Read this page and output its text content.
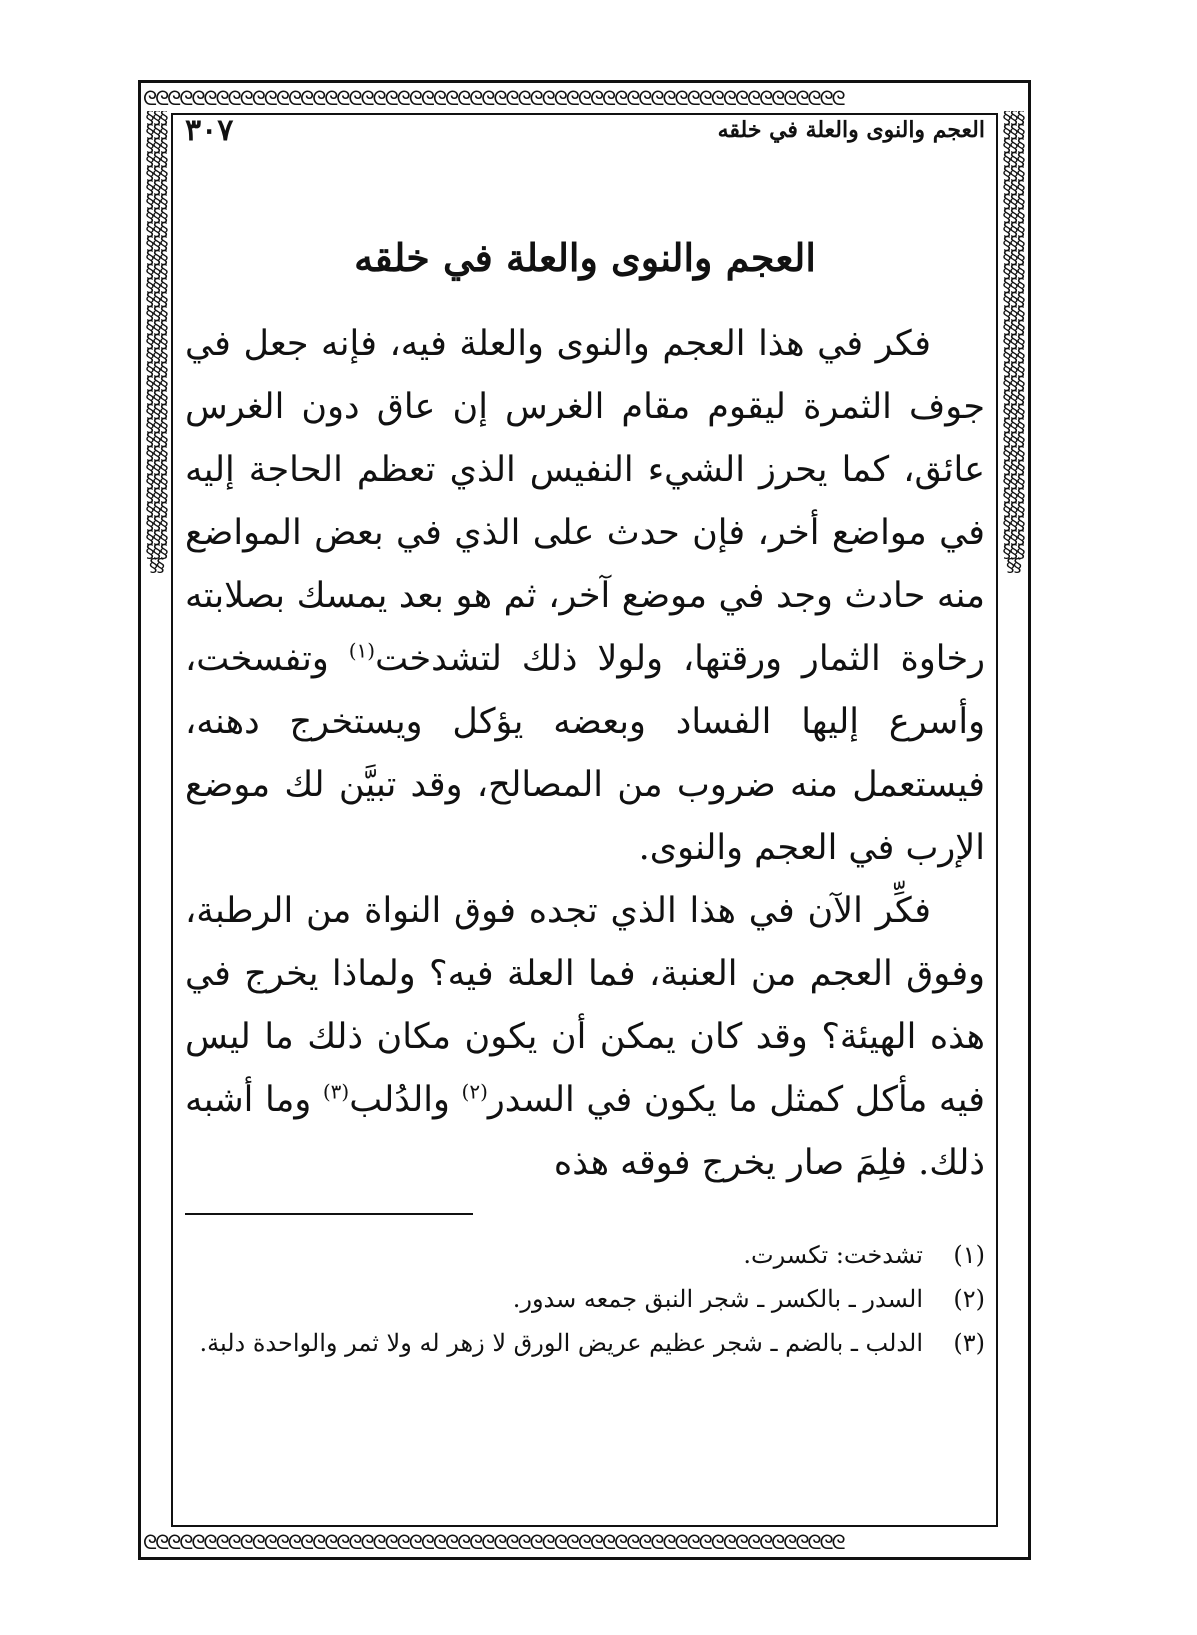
ᘓᘓᘓᘓᘓᘓᘓᘓᘓᘓᘓᘓᘓᘓᘓᘓᘓᘓᘓᘓᘓᘓᘓᘓᘓᘓᘓᘓᘓᘓᘓᘓᘓᘓᘓᘓᘓᘓᘓᘓᘓᘓᘓᘓᘓᘓᘓᘓᘓᘓᘓᘓᘓᘓᘓᘓᘓᘓ
ᘓᘓᘓᘓᘓᘓᘓᘓᘓᘓᘓᘓᘓᘓᘓᘓᘓᘓᘓᘓᘓᘓᘓᘓᘓᘓᘓᘓᘓᘓᘓᘓᘓᘓᘓᘓᘓᘓᘓᘓᘓᘓᘓᘓᘓᘓᘓᘓᘓᘓᘓᘓᘓᘓᘓᘓᘓᘓ
§§§§§§§§§§§§§§§§§§§§§§§§§§§§§§§§§§§§§§§§§§§§§§§§§§§§§§§§§§§§§§§§§§§§§§§§§§§§§§§§§§§§§§§§§§§§§§§§§§
§§§§§§§§§§§§§§§§§§§§§§§§§§§§§§§§§§§§§§§§§§§§§§§§§§§§§§§§§§§§§§§§§§§§§§§§§§§§§§§§§§§§§§§§§§§§§§§§§§
العجم والنوى والعلة في خلقه
٣٠٧
العجم والنوى والعلة في خلقه

فكر في هذا العجم والنوى والعلة فيه، فإنه جعل في جوف الثمرة ليقوم مقام الغرس إن عاق دون الغرس عائق، كما يحرز الشيء النفيس الذي تعظم الحاجة إليه في مواضع أخر، فإن حدث على الذي في بعض المواضع منه حادث وجد في موضع آخر، ثم هو بعد يمسك بصلابته رخاوة الثمار ورقتها، ولولا ذلك لتشدخت$^{(١)}$ وتفسخت، وأسرع إليها الفساد وبعضه يؤكل ويستخرج دهنه، فيستعمل منه ضروب من المصالح، وقد تبيَّن لك موضع الإرب في العجم والنوى.

فكِّر الآن في هذا الذي تجده فوق النواة من الرطبة، وفوق العجم من العنبة، فما العلة فيه؟ ولماذا يخرج في هذه الهيئة؟ وقد كان يمكن أن يكون مكان ذلك ما ليس فيه مأكل كمثل ما يكون في السدر$^{(٢)}$ والدُلب$^{(٣)}$ وما أشبه ذلك. فلِمَ صار يخرج فوقه هذه

(١)
تشدخت: تكسرت.
(٢)
السدر ـ بالكسر ـ شجر النبق جمعه سدور.
(٣)
الدلب ـ بالضم ـ شجر عظيم عريض الورق لا زهر له ولا ثمر والواحدة دلبة.
